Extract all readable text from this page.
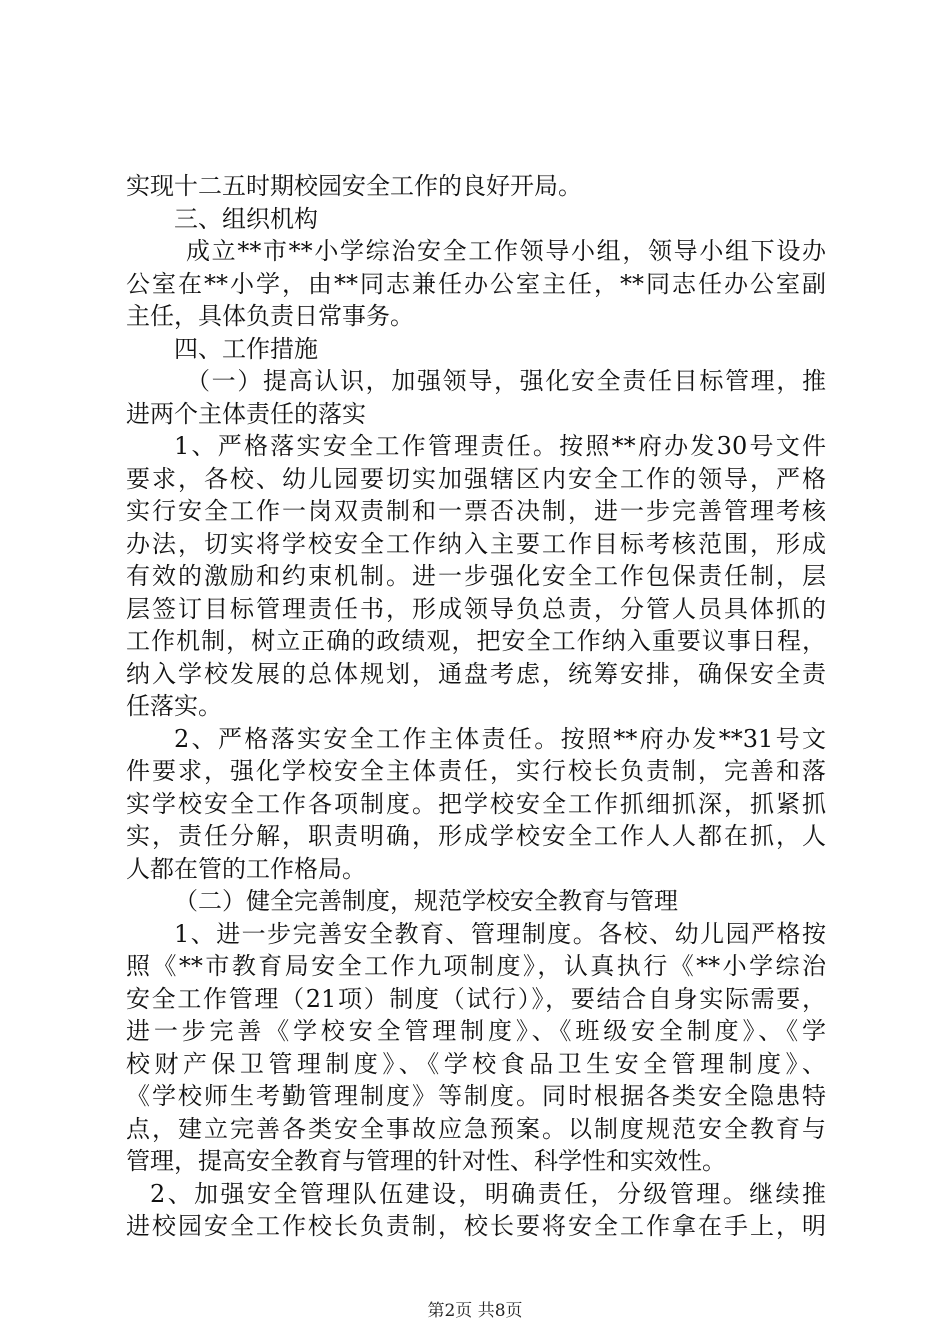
实现十二五时期校园安全工作的良好开局。
三、组织机构
成立**市**小学综治安全工作领导小组，领导小组下设办
公室在**小学，由**同志兼任办公室主任，**同志任办公室副
主任，具体负责日常事务。
四、工作措施
（一）提高认识，加强领导，强化安全责任目标管理，推
进两个主体责任的落实
1、严格落实安全工作管理责任。按照**府办发30号文件
要求，各校、幼儿园要切实加强辖区内安全工作的领导，严格
实行安全工作一岗双责制和一票否决制，进一步完善管理考核
办法，切实将学校安全工作纳入主要工作目标考核范围，形成
有效的激励和约束机制。进一步强化安全工作包保责任制，层
层签订目标管理责任书，形成领导负总责，分管人员具体抓的
工作机制，树立正确的政绩观，把安全工作纳入重要议事日程，
纳入学校发展的总体规划，通盘考虑，统筹安排，确保安全责
任落实。
2、严格落实安全工作主体责任。按照**府办发**31号文
件要求，强化学校安全主体责任，实行校长负责制，完善和落
实学校安全工作各项制度。把学校安全工作抓细抓深，抓紧抓
实，责任分解，职责明确，形成学校安全工作人人都在抓，人
人都在管的工作格局。
（二）健全完善制度，规范学校安全教育与管理
1、进一步完善安全教育、管理制度。各校、幼儿园严格按
照《**市教育局安全工作九项制度》，认真执行《**小学综治
安全工作管理（21项）制度（试行）》，要结合自身实际需要，
进一步完善《学校安全管理制度》、《班级安全制度》、《学
校财产保卫管理制度》、《学校食品卫生安全管理制度》、
《学校师生考勤管理制度》等制度。同时根据各类安全隐患特
点，建立完善各类安全事故应急预案。以制度规范安全教育与
管理，提高安全教育与管理的针对性、科学性和实效性。
2、加强安全管理队伍建设，明确责任，分级管理。继续推
进校园安全工作校长负责制，校长要将安全工作拿在手上，明
第2页 共8页
